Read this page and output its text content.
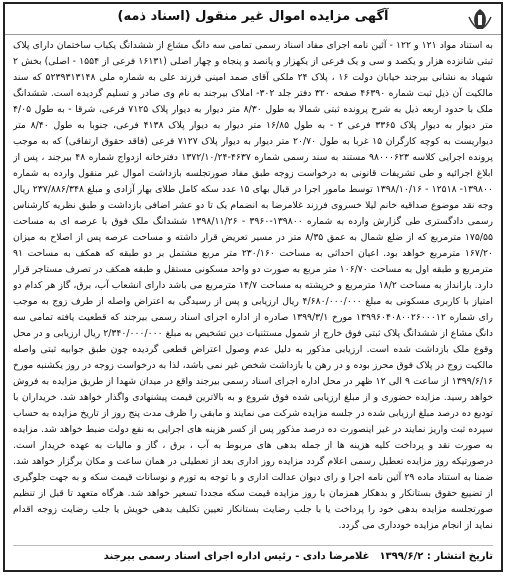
آگهی مزایده اموال غیر منقول (اسناد ذمه)
به استناد مواد ۱۲۱ و ۱۲۲ - آئین نامه اجرای مفاد اسناد رسمی تمامی سه دانگ مشاع از ششدانگ یکباب ساختمان دارای پلاک ثبتی شانزده هزار و یکصد و سی و یک فرعی از یکهزار و پانصد و پنجاه و چهار اصلی (۱۶۱۳۱ فرعی از ۱۵۵۴ - اصلی) بخش ۲ شهیاد به نشانی بیرجند خیابان دولت ۱۶ ، پلاک ۲۴ ملکی آقای صمد امینی فرزند علی به شماره ملی ۵۲۳۹۳۱۳۱۴۸ که سند مالکیت آن ذیل ثبت شماره ۴۶۳۹۰ صفحه ۳۲۰ دفتر جلد ۳۰۲- املاک بیرجند به نام وی صادر و تسلیم گردیده است. ششدانگ ملک با حدود اربعه ذیل به شرح پرونده ثبتی شمالا به طول ۸/۳۰ متر دیوار به دیوار پلاک ۷۱۲۵ فرعی، شرقا - به طول ۴/۰۵ متر دیوار به دیوار پلاک ۳۳۶۵ فرعی ۲ - به طول ۱۶/۸۵ متر دیوار به دیوار پلاک ۴۱۳۸ فرعی، جنوبا به طول ۸/۴۰ متر دیواریست به کوچه کارگران ۱۵ غربا به طول ۲۰/۷۰ متر دیوار به دیوار پلاک ۷۱۲۷ فرعی (فاقد حقوق ارتفاقی) که به موجب پرونده اجرایی کلاسه ۹۸۰۰۰۶۲۳ مستند به سند رسمی شماره ۴۶۳۷-۱۳۷۲/۱۰/۲۴ دفترخانه ازدواج شماره ۴۸ بیرجند ، پس از ابلاغ اجرائیه و طی تشریفات قانونی به درخواست زوجه طبق مفاد صورتجلسه بازداشت اموال غیر منقول وارده به شماره ۱۳۹۸۰۰- ۱۲۵۱۸ - ۱۳۹۸/۱۰/۱۶ توسط مامور اجرا در قبال بهای ۱۵ عدد سکه کامل طلای بهار آزادی و مبلغ ۲۳۷/۸۸۶/۳۴۸ ریال وجه نقد موضوع صداقیه خانم لیلا خسروی فرزند غلامرضا به انضمام یک تا دو عشر اضافی بازداشت و طبق نظریه کارشناس رسمی دادگستری طی گزارش وارده به شماره ۱۳۹۸۰۰-۳۹۶۰ - ۱۳۹۸/۱۱/۲۶ ششدانگ ملک فوق با عرصه ای به مساحت ۱۷۵/۵۵ مترمربع که از ضلع شمال به عمق ۸/۳۵ متر در مسیر تعریض قرار داشته و مساحت عرصه پس از اصلاح به میزان ۱۶۷/۲۰ مترمربع خواهد بود. اعیان احداثی به مساحت ۲۳۰/۱۶۰ متر مربع مشتمل بر دو طبقه که همکف به مساحت ۹۱ مترمربع و طبقه اول به مساحت ۱۰۶/۷۰ متر مربع به صورت دو واحد مسکونی مستقل و طبقه همکف در تصرف مستاجر قرار دارد. بارانداز به مساحت ۱۸/۲ مترمربع و خرپشته به مساحت ۱۴/۷ مترمربع می باشد دارای انشعاب آب، برق، گاز هر کدام دو امتیاز با کاربری مسکونی به مبلغ ۴/۶۸۰/۰۰۰/۰۰۰ ریال ارزیابی و پس از رسیدگی به اعتراض واصله از طرف زوج به موجب رای شماره ۱۳۹۹۶۰۴۰۸۰۰۲۶۰۰۰۱۲ مورخ ۱۳۹۹/۳/۱ صادره از اداره اجرای اسناد رسمی بیرجند که قطعیت یافته تمامی سه دانگ مشاع از ششدانگ پلاک ثبتی فوق خارج از شمول مستثنیات دین تشخیص به مبلغ ۲/۳۴۰/۰۰۰/۰۰۰ ریال ارزیابی و در محل وقوع ملک بازداشت شده است. ارزیابی مذکور به دلیل عدم وصول اعتراض قطعی گردیده چون طبق جوابیه ثبتی واصله مالکیت زوج در پلاک فوق محرز بوده و در رهن یا بازداشت شخص غیر نمی باشد، لذا به درخواست زوجه در روز یکشنبه مورخ ۱۳۹۹/۶/۱۶ از ساعت ۹ الی ۱۲ ظهر در محل اداره اجرای اسناد رسمی بیرجند واقع در میدان شهدا از طریق مزایده به فروش خواهد رسید. مزایده حضوری و از مبلغ ارزیابی شده فوق شروع و به بالاترین قیمت پیشنهادی واگذار خواهد شد. خریداران با تودیع ده درصد مبلغ ارزیابی شده در جلسه مزایده شرکت می نمایند و مابقی را ظرف مدت پنج روز از تاریخ مزایده به حساب سپرده ثبت واریز نمایند در غیر اینصورت ده درصد مذکور پس از کسر هزینه های اجرایی به نفع دولت ضبط خواهد شد. مزایده به صورت نقد و پرداخت کلیه هزینه ها از جمله بدهی های مربوط به آب ، برق ، گاز و مالیات به عهده خریدار است. درصورتیکه روز مزایده تعطیل رسمی اعلام گردد مزایده روز اداری بعد از تعطیلی در همان ساعت و مکان برگزار خواهد شد. ضمنا به استناد ماده ۲۹ آئین نامه اجرا و رای دیوان عدالت اداری و با توجه به تورم و نوسانات قیمت سکه و به جهت جلوگیری از تضییع حقوق بستانکار و بدهکار همزمان با روز مزایده قیمت سکه مجددا تسعیر خواهد شد. هرگاه متعهد تا قبل از تنظیم صورتجلسه مزایده بدهی خود را پرداخت یا با جلب رضایت بستانکار تعیین تکلیف بدهی خویش یا جلب رضایت زوجه اقدام نماید از انجام مزایده خودداری می گردد.
تاریخ انتشار : ۱۳۹۹/۶/۲
غلامرضا دادی - رئیس اداره اجرای اسناد رسمی بیرجند
